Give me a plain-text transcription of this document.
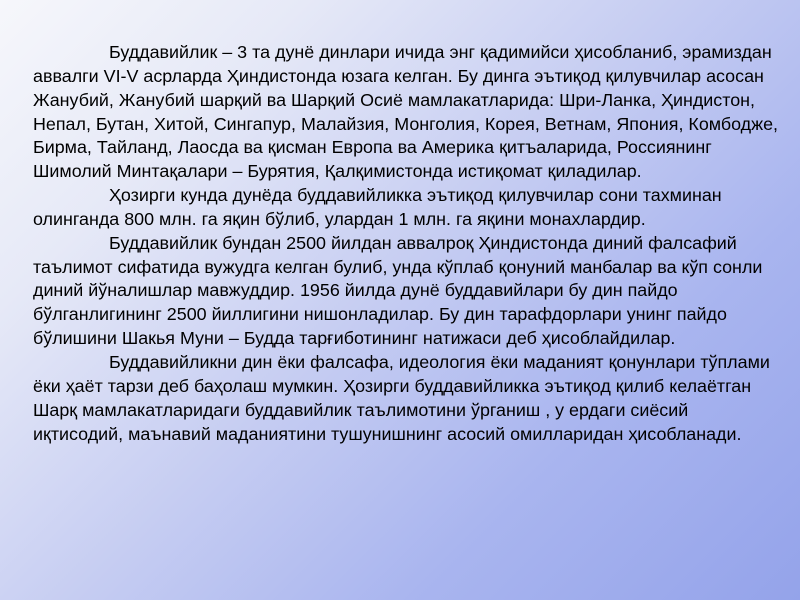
Буддавийлик – 3 та дунё динлари ичида энг қадимийси ҳисобланиб, эрамиздан аввалги VI-V асрларда Ҳиндистонда юзага келган. Бу динга эътиқод қилувчилар асосан Жанубий, Жанубий шарқий ва Шарқий Осиё мамлакатларида: Шри-Ланка, Ҳиндистон, Непал, Бутан, Хитой, Сингапур, Малайзия, Монголия, Корея, Ветнам, Япония, Комбоджe, Бирма, Тайланд, Лаосда ва қисман Европа ва Америка қитъаларида, Россиянинг Шимолий Минтақалари – Бурятия, Қалқимистонда истиқомат қиладилар.

Ҳозирги кунда дунёда буддавийликка эътиқод қилувчилар сони тахминан олинганда 800 млн. га яқин бўлиб, улардан 1 млн. га яқини монахлардир.

Буддавийлик бундан 2500 йилдан аввалроқ Ҳиндистонда диний фалсафий таълимот сифатида вужудга келган булиб, унда кўплаб қонуний манбалар ва кўп сонли диний йўналишлар мавжуддир. 1956 йилда дунё буддавийлари бу дин пайдо бўлганлигининг 2500 йиллигини нишонладилар. Бу дин тарафдорлари унинг пайдо бўлишини Шакья Муни – Будда тарғиботининг натижаси деб ҳисоблайдилар.

Буддавийликни дин ёки фалсафа, идеология ёки маданият қонунлари тўплами ёки ҳаёт тарзи деб баҳолаш мумкин. Ҳозирги буддавийликка эътиқод қилиб келаётган Шарқ мамлакатларидаги буддавийлик таълимотини ўрганиш , у ердаги сиёсий иқтисодий, маънавий маданиятини тушунишнинг асосий омилларидан ҳисобланади.
